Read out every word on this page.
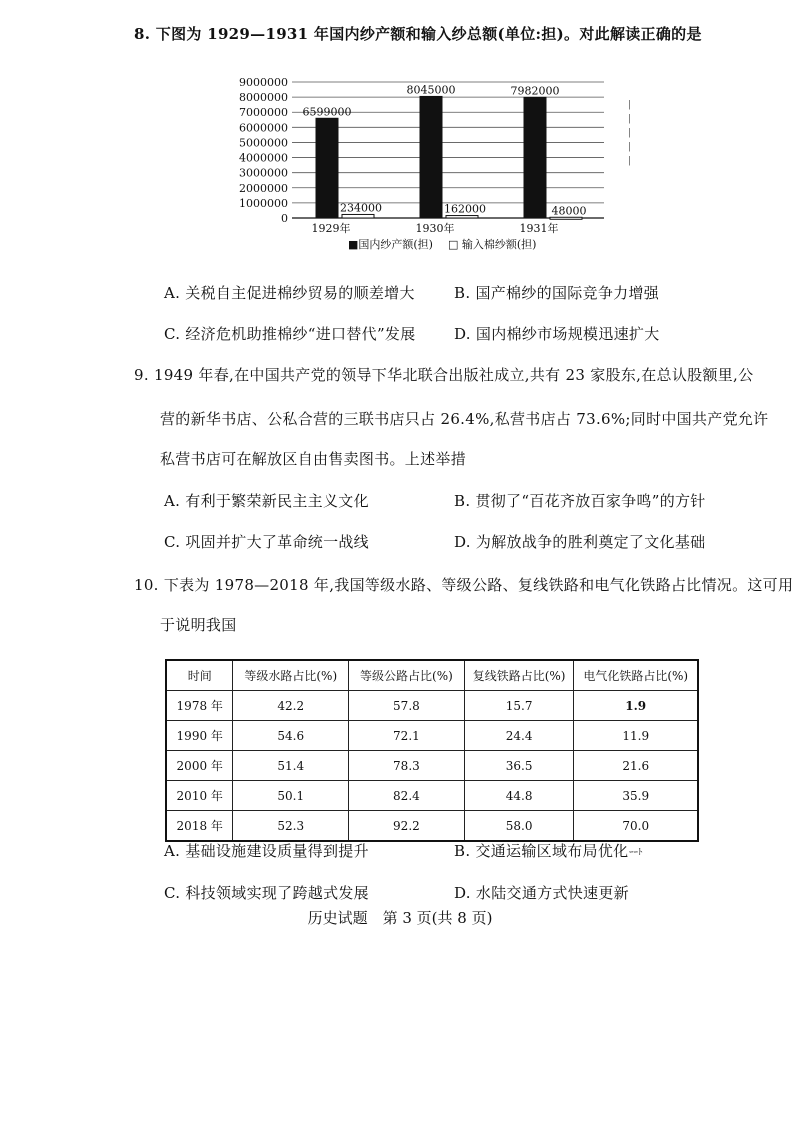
8. 下图为 1929—1931 年国内纱产额和输入纱总额(单位:担)。对此解读正确的是
0
1000000
2000000
3000000
4000000
5000000
6000000
7000000
8000000
9000000
6599000
234000
1929年
8045000
162000
1930年
7982000
48000
1931年
■国内纱产额(担) □ 输入棉纱额(担)
|
|
|
|
|
A. 关税自主促进棉纱贸易的顺差增大	B. 国产棉纱的国际竞争力增强
C. 经济危机助推棉纱“进口替代”发展	D. 国内棉纱市场规模迅速扩大
9. 1949 年春,在中国共产党的领导下华北联合出版社成立,共有 23 家股东,在总认股额里,公
营的新华书店、公私合营的三联书店只占 26.4%,私营书店占 73.6%;同时中国共产党允许
私营书店可在解放区自由售卖图书。上述举措
A. 有利于繁荣新民主主义文化	B. 贯彻了“百花齐放百家争鸣”的方针
C. 巩固并扩大了革命统一战线	D. 为解放战争的胜利奠定了文化基础
10. 下表为 1978—2018 年,我国等级水路、等级公路、复线铁路和电气化铁路占比情况。这可用
于说明我国
时间	等级水路占比(%)	等级公路占比(%)	复线铁路占比(%)	电气化铁路占比(%)
1978 年	42.2	57.8	15.7	1.9
1990 年	54.6	72.1	24.4	11.9
2000 年	51.4	78.3	36.5	21.6
2010 年	50.1	82.4	44.8	35.9
2018 年	52.3	92.2	58.0	70.0
A. 基础设施建设质量得到提升	B. 交通运输区域布局优化 ｰｰﾄ
C. 科技领域实现了跨越式发展	D. 水陆交通方式快速更新
历史试题　第 3 页(共 8 页)
